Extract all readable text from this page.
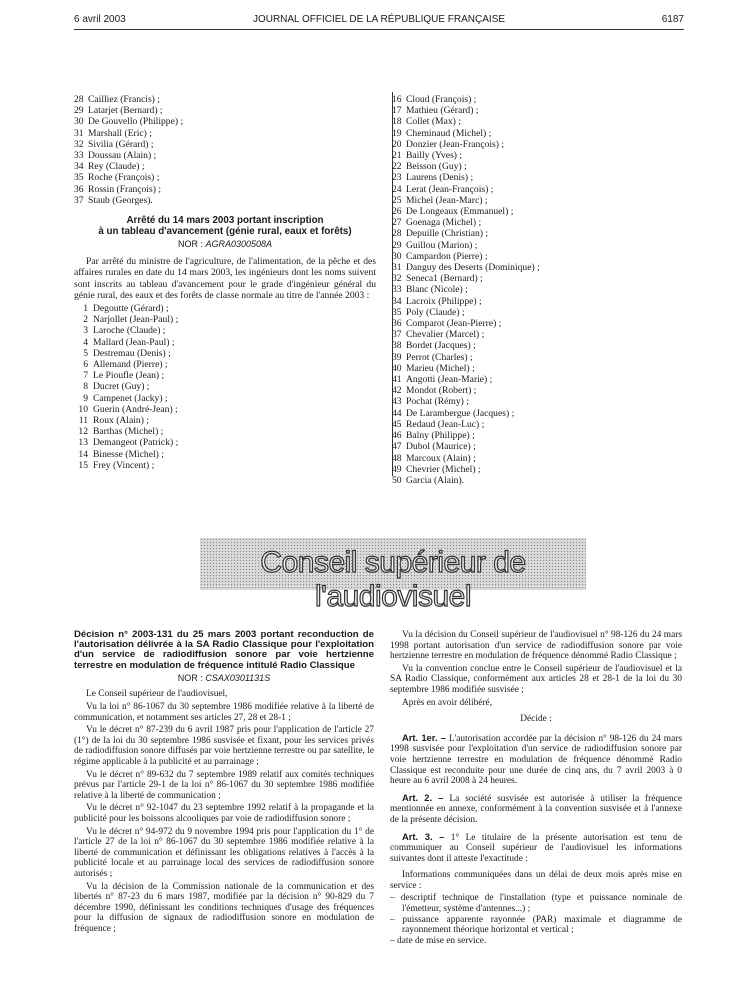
6 avril 2003	JOURNAL OFFICIEL DE LA RÉPUBLIQUE FRANÇAISE	6187
28 Cailliez (Francis) ;
29 Latarjet (Bernard) ;
30 De Gouvello (Philippe) ;
31 Marshall (Eric) ;
32 Sivilia (Gérard) ;
33 Doussau (Alain) ;
34 Rey (Claude) ;
35 Roche (François) ;
36 Rossin (François) ;
37 Staub (Georges).
Arrêté du 14 mars 2003 portant inscription
à un tableau d'avancement (génie rural, eaux et forêts)
NOR : AGRA0300508A

Par arrêté du ministre de l'agriculture, de l'alimentation, de la pêche et des affaires rurales en date du 14 mars 2003, les ingénieurs dont les noms suivent sont inscrits au tableau d'avancement pour le grade d'ingénieur général du génie rural, des eaux et des forêts de classe normale au titre de l'année 2003 :

1 Degoutte (Gérard) ;
2 Narjollet (Jean-Paul) ;
3 Laroche (Claude) ;
4 Mallard (Jean-Paul) ;
5 Destremau (Denis) ;
6 Allemand (Pierre) ;
7 Le Pioufle (Jean) ;
8 Ducret (Guy) ;
9 Campenet (Jacky) ;
10 Guerin (André-Jean) ;
11 Roux (Alain) ;
12 Barthas (Michel) ;
13 Demangeot (Patrick) ;
14 Binesse (Michel) ;
15 Frey (Vincent) ;
16 Cloud (François) ;
17 Mathieu (Gérard) ;
18 Collet (Max) ;
19 Cheminaud (Michel) ;
20 Donzier (Jean-François) ;
21 Bailly (Yves) ;
22 Beisson (Guy) ;
23 Laurens (Denis) ;
24 Lerat (Jean-François) ;
25 Michel (Jean-Marc) ;
26 De Longeaux (Emmanuel) ;
27 Goenaga (Michel) ;
28 Depuille (Christian) ;
29 Guillou (Marion) ;
30 Campardon (Pierre) ;
31 Danguy des Deserts (Dominique) ;
32 Seneca1 (Bernard) ;
33 Blanc (Nicole) ;
34 Lacroix (Philippe) ;
35 Poly (Claude) ;
36 Comparot (Jean-Pierre) ;
37 Chevalier (Marcel) ;
38 Bordet (Jacques) ;
39 Perrot (Charles) ;
40 Marieu (Michel) ;
41 Angotti (Jean-Marie) ;
42 Mondot (Robert) ;
43 Pochat (Rémy) ;
44 De Larambergue (Jacques) ;
45 Redaud (Jean-Luc) ;
46 Balny (Philippe) ;
47 Dubol (Maurice) ;
48 Marcoux (Alain) ;
49 Chevrier (Michel) ;
50 Garcia (Alain).
Conseil supérieur de l'audiovisuel
Décision n° 2003-131 du 25 mars 2003 portant reconduction de l'autorisation délivrée à la SA Radio Classique pour l'exploitation d'un service de radiodiffusion sonore par voie hertzienne terrestre en modulation de fréquence intitulé Radio Classique
NOR : CSAX0301131S

Le Conseil supérieur de l'audiovisuel,

Vu la loi n° 86-1067 du 30 septembre 1986 modifiée relative à la liberté de communication, et notamment ses articles 27, 28 et 28-1 ;

Vu le décret n° 87-239 du 6 avril 1987 pris pour l'application de l'article 27 (1°) de la loi du 30 septembre 1986 susvisée et fixant, pour les services privés de radiodiffusion sonore diffusés par voie hertzienne terrestre ou par satellite, le régime applicable à la publicité et au parrainage ;

Vu le décret n° 89-632 du 7 septembre 1989 relatif aux comités techniques prévus par l'article 29-1 de la loi n° 86-1067 du 30 septembre 1986 modifiée relative à la liberté de communication ;

Vu le décret n° 92-1047 du 23 septembre 1992 relatif à la propagande et la publicité pour les boissons alcooliques par voie de radiodiffusion sonore ;

Vu le décret n° 94-972 du 9 novembre 1994 pris pour l'application du 1° de l'article 27 de la loi n° 86-1067 du 30 septembre 1986 modifiée relative à la liberté de communication et définissant les obligations relatives à l'accès à la publicité locale et au parrainage local des services de radiodiffusion sonore autorisés ;

Vu la décision de la Commission nationale de la communication et des libertés n° 87-23 du 6 mars 1987, modifiée par la décision n° 90-829 du 7 décembre 1990, définissant les conditions techniques d'usage des fréquences pour la diffusion de signaux de radiodiffusion sonore en modulation de fréquence ;

Vu la décision du Conseil supérieur de l'audiovisuel n° 98-126 du 24 mars 1998 portant autorisation d'un service de radiodiffusion sonore par voie hertzienne terrestre en modulation de fréquence dénommé Radio Classique ;

Vu la convention conclue entre le Conseil supérieur de l'audiovisuel et la SA Radio Classique, conformément aux articles 28 et 28-1 de la loi du 30 septembre 1986 modifiée susvisée ;

Après en avoir délibéré,

Décide :

Art. 1er. – L'autorisation accordée par la décision n° 98-126 du 24 mars 1998 susvisée pour l'exploitation d'un service de radiodiffusion sonore par voie hertzienne terrestre en modulation de fréquence dénommé Radio Classique est reconduite pour une durée de cinq ans, du 7 avril 2003 à 0 heure au 6 avril 2008 à 24 heures.

Art. 2. – La société susvisée est autorisée à utiliser la fréquence mentionnée en annexe, conformément à la convention susvisée et à l'annexe de la présente décision.

Art. 3. – 1° Le titulaire de la présente autorisation est tenu de communiquer au Conseil supérieur de l'audiovisuel les informations suivantes dont il atteste l'exactitude :

Informations communiquées dans un délai de deux mois après mise en service :

– descriptif technique de l'installation (type et puissance nominale de l'émetteur, système d'antennes...) ;

– puissance apparente rayonnée (PAR) maximale et diagramme de rayonnement théorique horizontal et vertical ;

– date de mise en service.
